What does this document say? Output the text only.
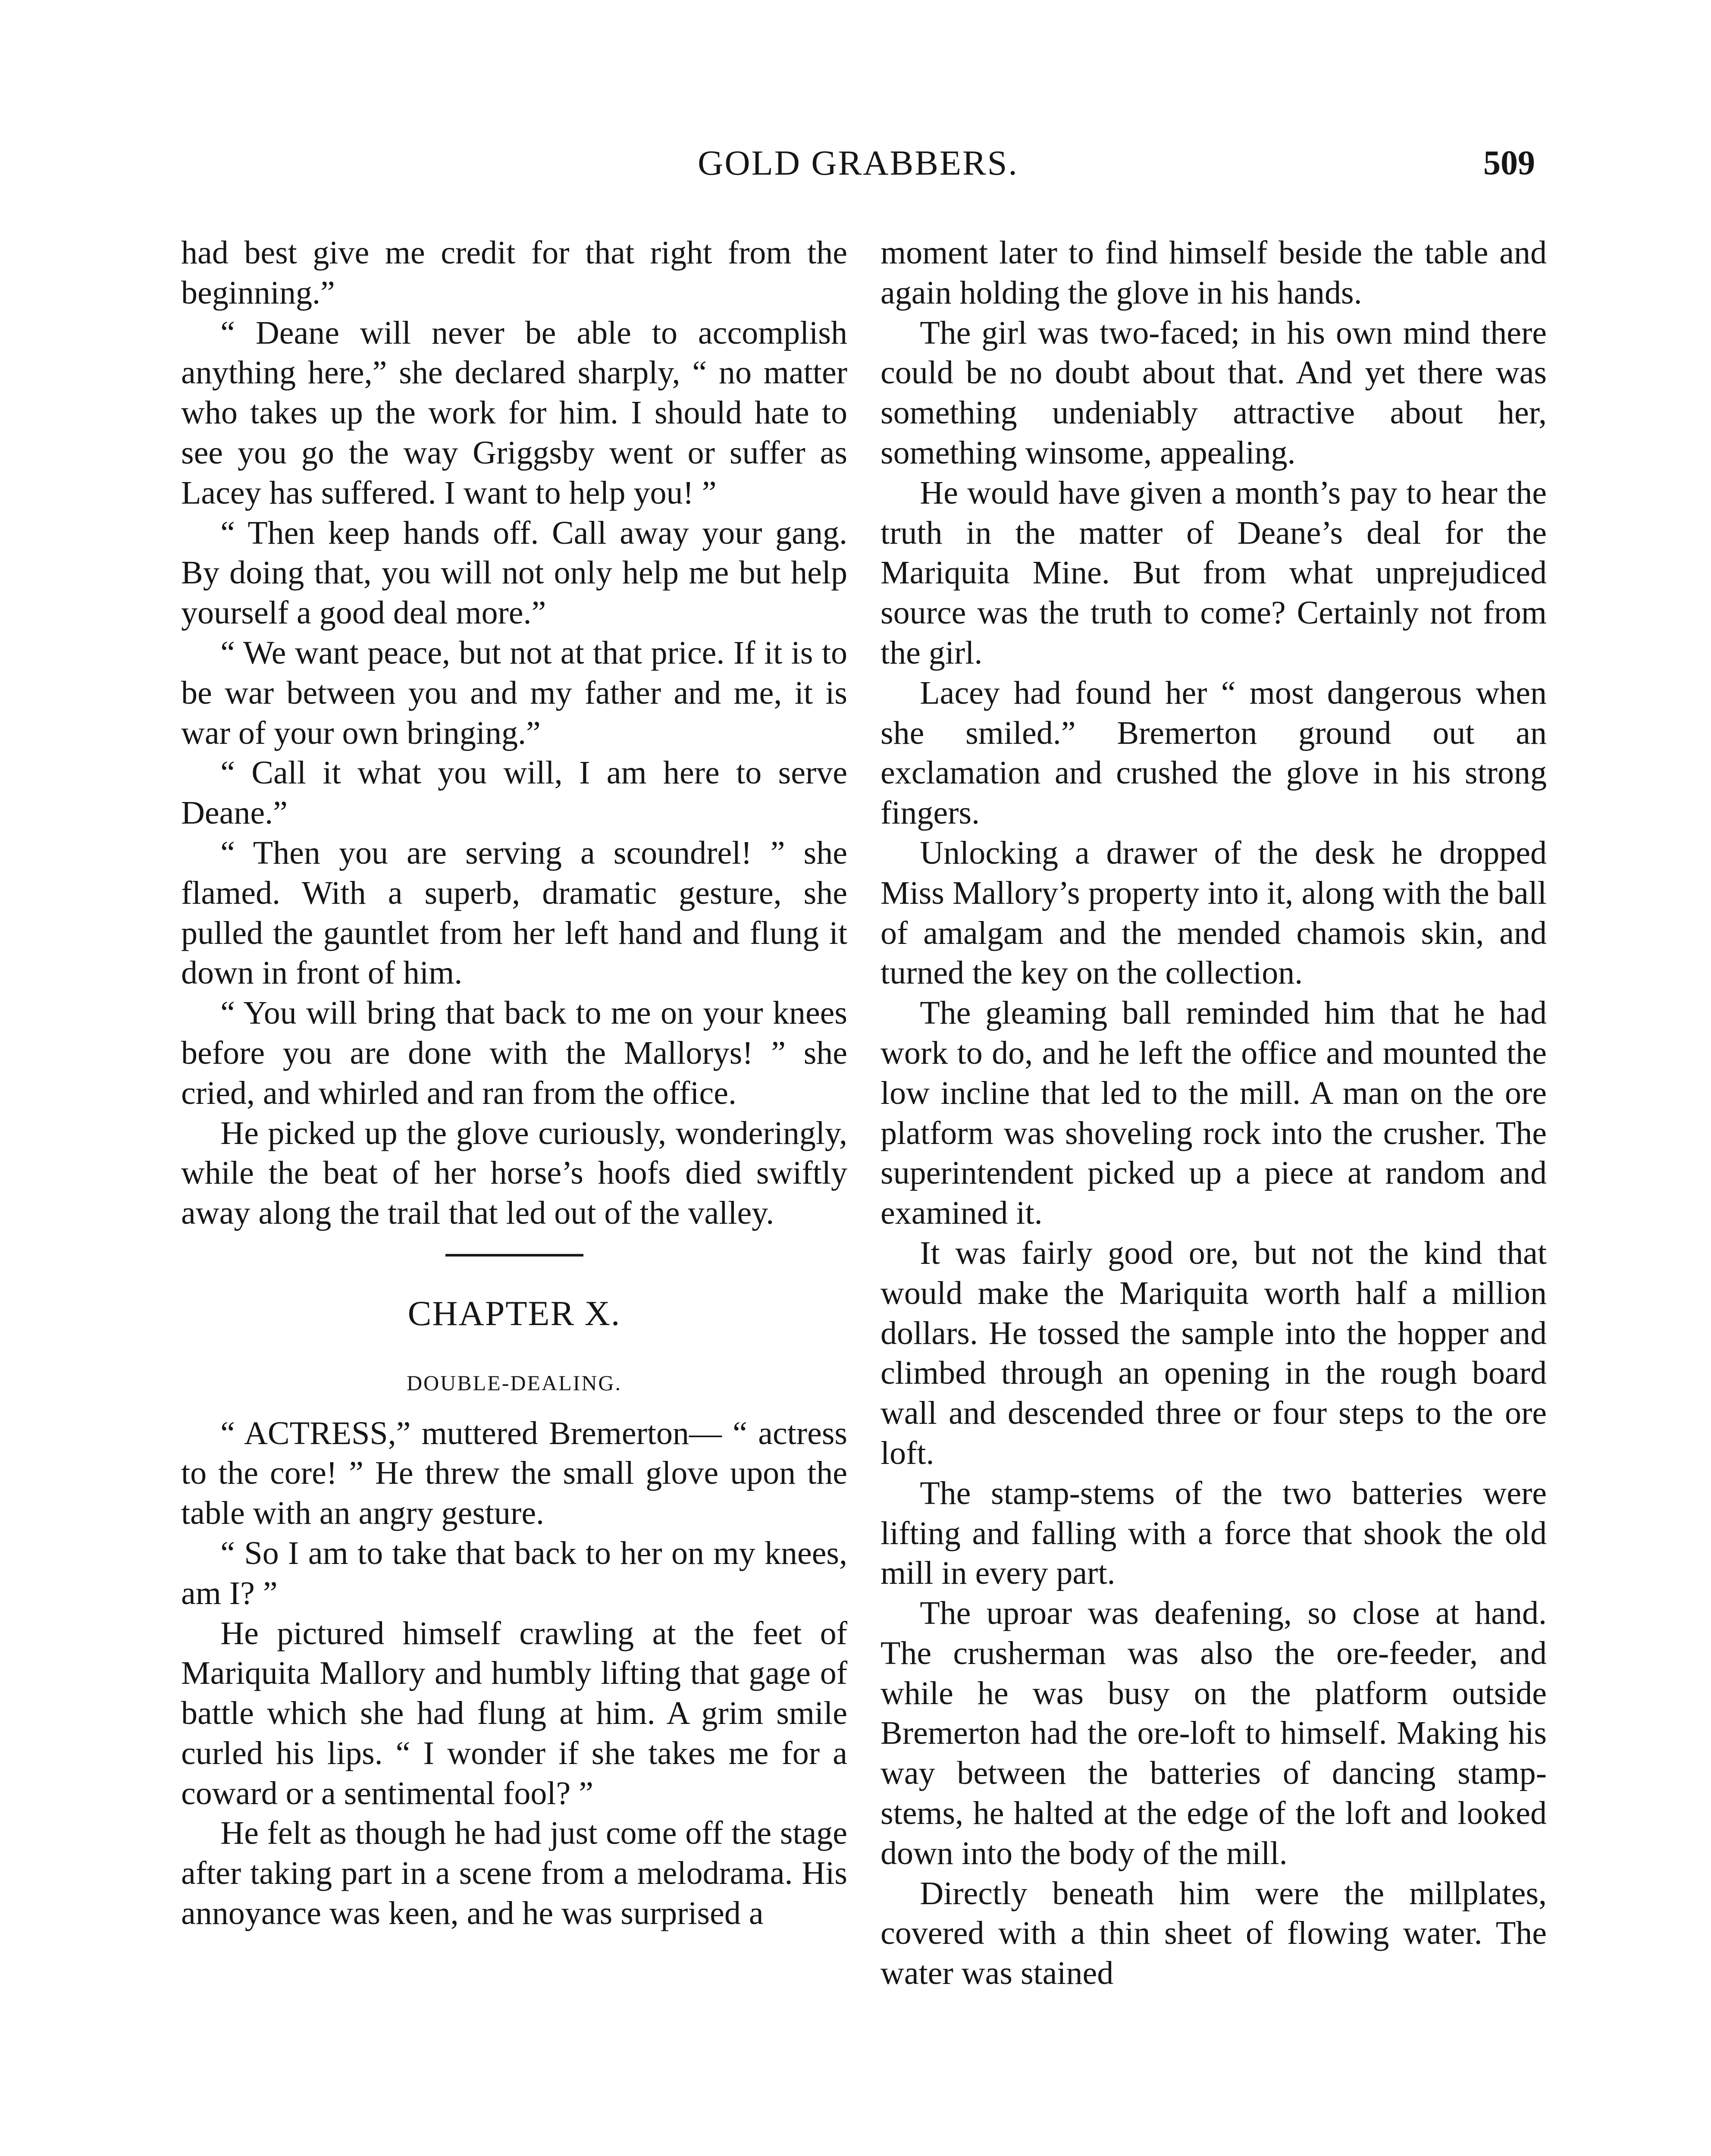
GOLD GRABBERS.	509

had best give me credit for that right from the beginning.”

“ Deane will never be able to accomplish anything here,” she declared sharply, “ no matter who takes up the work for him. I should hate to see you go the way Griggsby went or suffer as Lacey has suffered. I want to help you! ”

“ Then keep hands off. Call away your gang. By doing that, you will not only help me but help yourself a good deal more.”

“ We want peace, but not at that price. If it is to be war between you and my father and me, it is war of your own bringing.”

“ Call it what you will, I am here to serve Deane.”

“ Then you are serving a scoundrel! ” she flamed. With a superb, dramatic gesture, she pulled the gauntlet from her left hand and flung it down in front of him.

“ You will bring that back to me on your knees before you are done with the Mallorys! ” she cried, and whirled and ran from the office.

He picked up the glove curiously, wonderingly, while the beat of her horse’s hoofs died swiftly away along the trail that led out of the valley.

CHAPTER X.
DOUBLE-DEALING.

“ ACTRESS,” muttered Bremerton— “ actress to the core! ” He threw the small glove upon the table with an angry gesture.

“ So I am to take that back to her on my knees, am I? ”

He pictured himself crawling at the feet of Mariquita Mallory and humbly lifting that gage of battle which she had flung at him. A grim smile curled his lips. “ I wonder if she takes me for a coward or a sentimental fool? ”

He felt as though he had just come off the stage after taking part in a scene from a melodrama. His annoyance was keen, and he was surprised a

moment later to find himself beside the table and again holding the glove in his hands.

The girl was two-faced; in his own mind there could be no doubt about that. And yet there was something undeniably attractive about her, something winsome, appealing.

He would have given a month’s pay to hear the truth in the matter of Deane’s deal for the Mariquita Mine. But from what unprejudiced source was the truth to come? Certainly not from the girl.

Lacey had found her “ most dangerous when she smiled.” Bremerton ground out an exclamation and crushed the glove in his strong fingers.

Unlocking a drawer of the desk he dropped Miss Mallory’s property into it, along with the ball of amalgam and the mended chamois skin, and turned the key on the collection.

The gleaming ball reminded him that he had work to do, and he left the office and mounted the low incline that led to the mill. A man on the ore platform was shoveling rock into the crusher. The superintendent picked up a piece at random and examined it.

It was fairly good ore, but not the kind that would make the Mariquita worth half a million dollars. He tossed the sample into the hopper and climbed through an opening in the rough board wall and descended three or four steps to the ore loft.

The stamp-stems of the two batteries were lifting and falling with a force that shook the old mill in every part.

The uproar was deafening, so close at hand. The crusherman was also the ore-feeder, and while he was busy on the platform outside Bremerton had the ore-loft to himself. Making his way between the batteries of dancing stamp-stems, he halted at the edge of the loft and looked down into the body of the mill.

Directly beneath him were the millplates, covered with a thin sheet of flowing water. The water was stained
